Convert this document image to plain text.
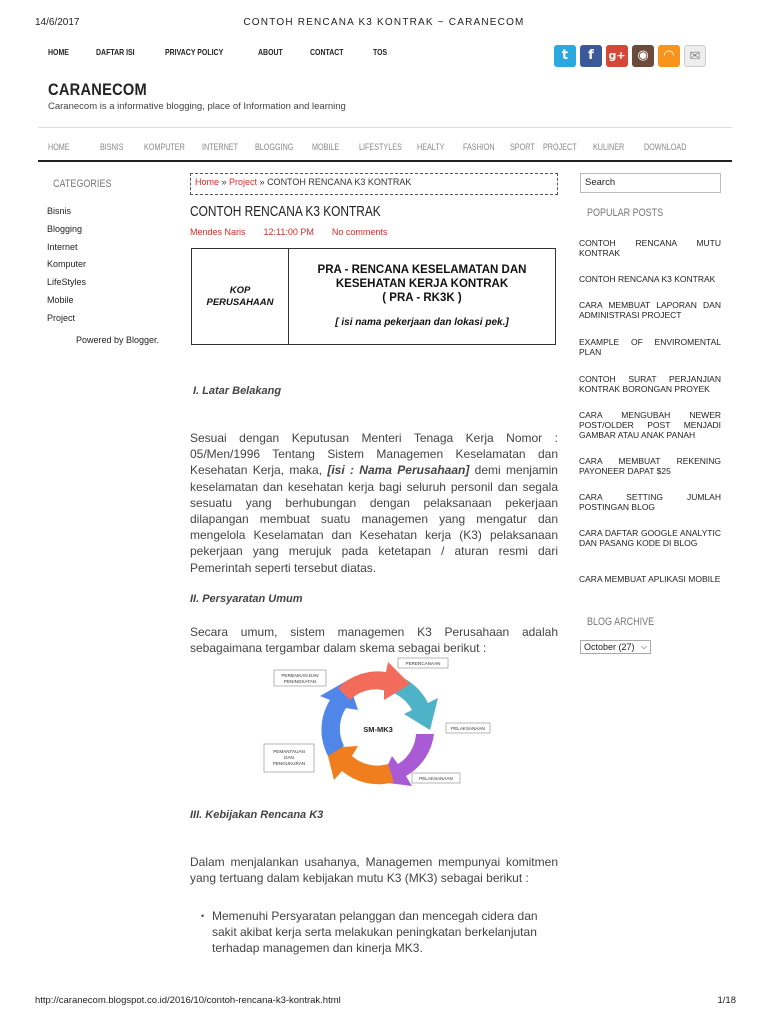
14/6/2017	CONTOH RENCANA K3 KONTRAK ~ CARANECOM
HOME	DAFTAR ISI	PRIVACY POLICY	ABOUT	CONTACT	TOS	t	f	g+ ◉	◠	✉
CARANECOM
Caranecom is a informative blogging, place of Information and learning
HOME	BISNIS	KOMPUTER	INTERNET	BLOGGING	MOBILE	LIFESTYLES	HEALTY	FASHION	SPORT PROJECT	KULINER	DOWNLOAD
CATEGORIES
Bisnis
Blogging
Internet
Komputer
LifeStyles
Mobile
Project
Powered by Blogger.
Home » Project » CONTOH RENCANA K3 KONTRAK
CONTOH RENCANA K3 KONTRAK
Mendes Naris 12:11:00 PM No comments
KOP PERUSAHAAN
PRA - RENCANA KESELAMATAN DAN
KESEHATAN KERJA KONTRAK
( PRA - RK3K )
[ isi nama pekerjaan dan lokasi pek.]
I. Latar Belakang
Sesuai dengan Keputusan Menteri Tenaga Kerja Nomor : 05/Men/1996 Tentang Sistem Managemen Keselamatan dan Kesehatan Kerja, maka, [isi : Nama Perusahaan] demi menjamin keselamatan dan kesehatan kerja bagi seluruh personil dan segala sesuatu yang berhubungan dengan pelaksanaan pekerjaan dilapangan membuat suatu managemen yang mengatur dan mengelola Keselamatan dan Kesehatan kerja (K3) pelaksanaan pekerjaan yang merujuk pada ketetapan / aturan resmi dari Pemerintah seperti tersebut diatas.
II. Persyaratan Umum
Secara umum, sistem managemen K3 Perusahaan adalah sebagaimana tergambar dalam skema sebagai berikut :
SM-MK3
PERBAIKAN DAN
PENINGKATAN
PERENCANAAN
PELAKSANAAN
PELAKSANAAN
PEMANTAUAN
DAN
PENGUKURAN
III. Kebijakan Rencana K3
Dalam menjalankan usahanya, Managemen mempunyai komitmen yang tertuang dalam kebijakan mutu K3 (MK3) sebagai berikut :
• Memenuhi Persyaratan pelanggan dan mencegah cidera dan sakit akibat kerja serta melakukan peningkatan berkelanjutan terhadap managemen dan kinerja MK3.
Search
POPULAR POSTS
CONTOH RENCANA MUTU KONTRAK
CONTOH RENCANA K3 KONTRAK
CARA MEMBUAT LAPORAN DAN ADMINISTRASI PROJECT
EXAMPLE OF ENVIROMENTAL PLAN
CONTOH SURAT PERJANJIAN KONTRAK BORONGAN PROYEK
CARA MENGUBAH NEWER POST/OLDER POST MENJADI GAMBAR ATAU ANAK PANAH
CARA MEMBUAT REKENING PAYONEER DAPAT $25
CARA SETTING JUMLAH POSTINGAN BLOG
CARA DAFTAR GOOGLE ANALYTIC DAN PASANG KODE DI BLOG
CARA MEMBUAT APLIKASI MOBILE
BLOG ARCHIVE
October (27) ⌵
http://caranecom.blogspot.co.id/2016/10/contoh-rencana-k3-kontrak.html	1/18
